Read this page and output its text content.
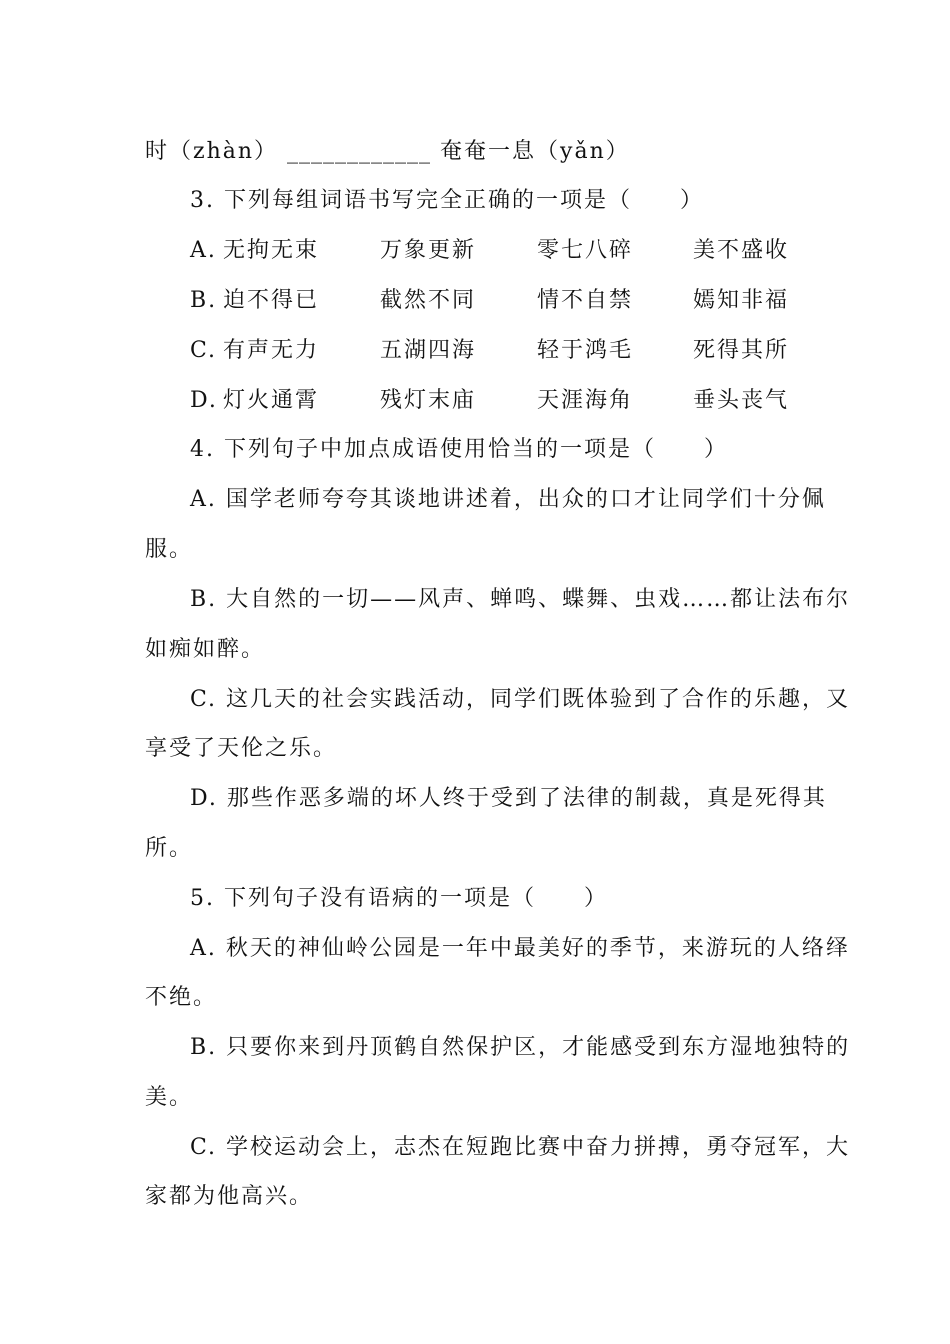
时（zhàn） ____________ 奄奄一息（yǎn）
3. 下列每组词语书写完全正确的一项是（　　）
A. 无拘无束	万象更新	零七八碎	美不盛收
B. 迫不得已	截然不同	情不自禁	嫣知非福
C. 有声无力	五湖四海	轻于鸿毛	死得其所
D. 灯火通霄	残灯末庙	天涯海角	垂头丧气
4. 下列句子中加点成语使用恰当的一项是（　　）
A. 国学老师夸夸其谈地讲述着，出众的口才让同学们十分佩
服。
B. 大自然的一切——风声、蝉鸣、蝶舞、虫戏……都让法布尔
如痴如醉。
C. 这几天的社会实践活动，同学们既体验到了合作的乐趣，又
享受了天伦之乐。
D. 那些作恶多端的坏人终于受到了法律的制裁，真是死得其
所。
5. 下列句子没有语病的一项是（　　）
A. 秋天的神仙岭公园是一年中最美好的季节，来游玩的人络绎
不绝。
B. 只要你来到丹顶鹤自然保护区，才能感受到东方湿地独特的
美。
C. 学校运动会上，志杰在短跑比赛中奋力拼搏，勇夺冠军，大
家都为他高兴。
